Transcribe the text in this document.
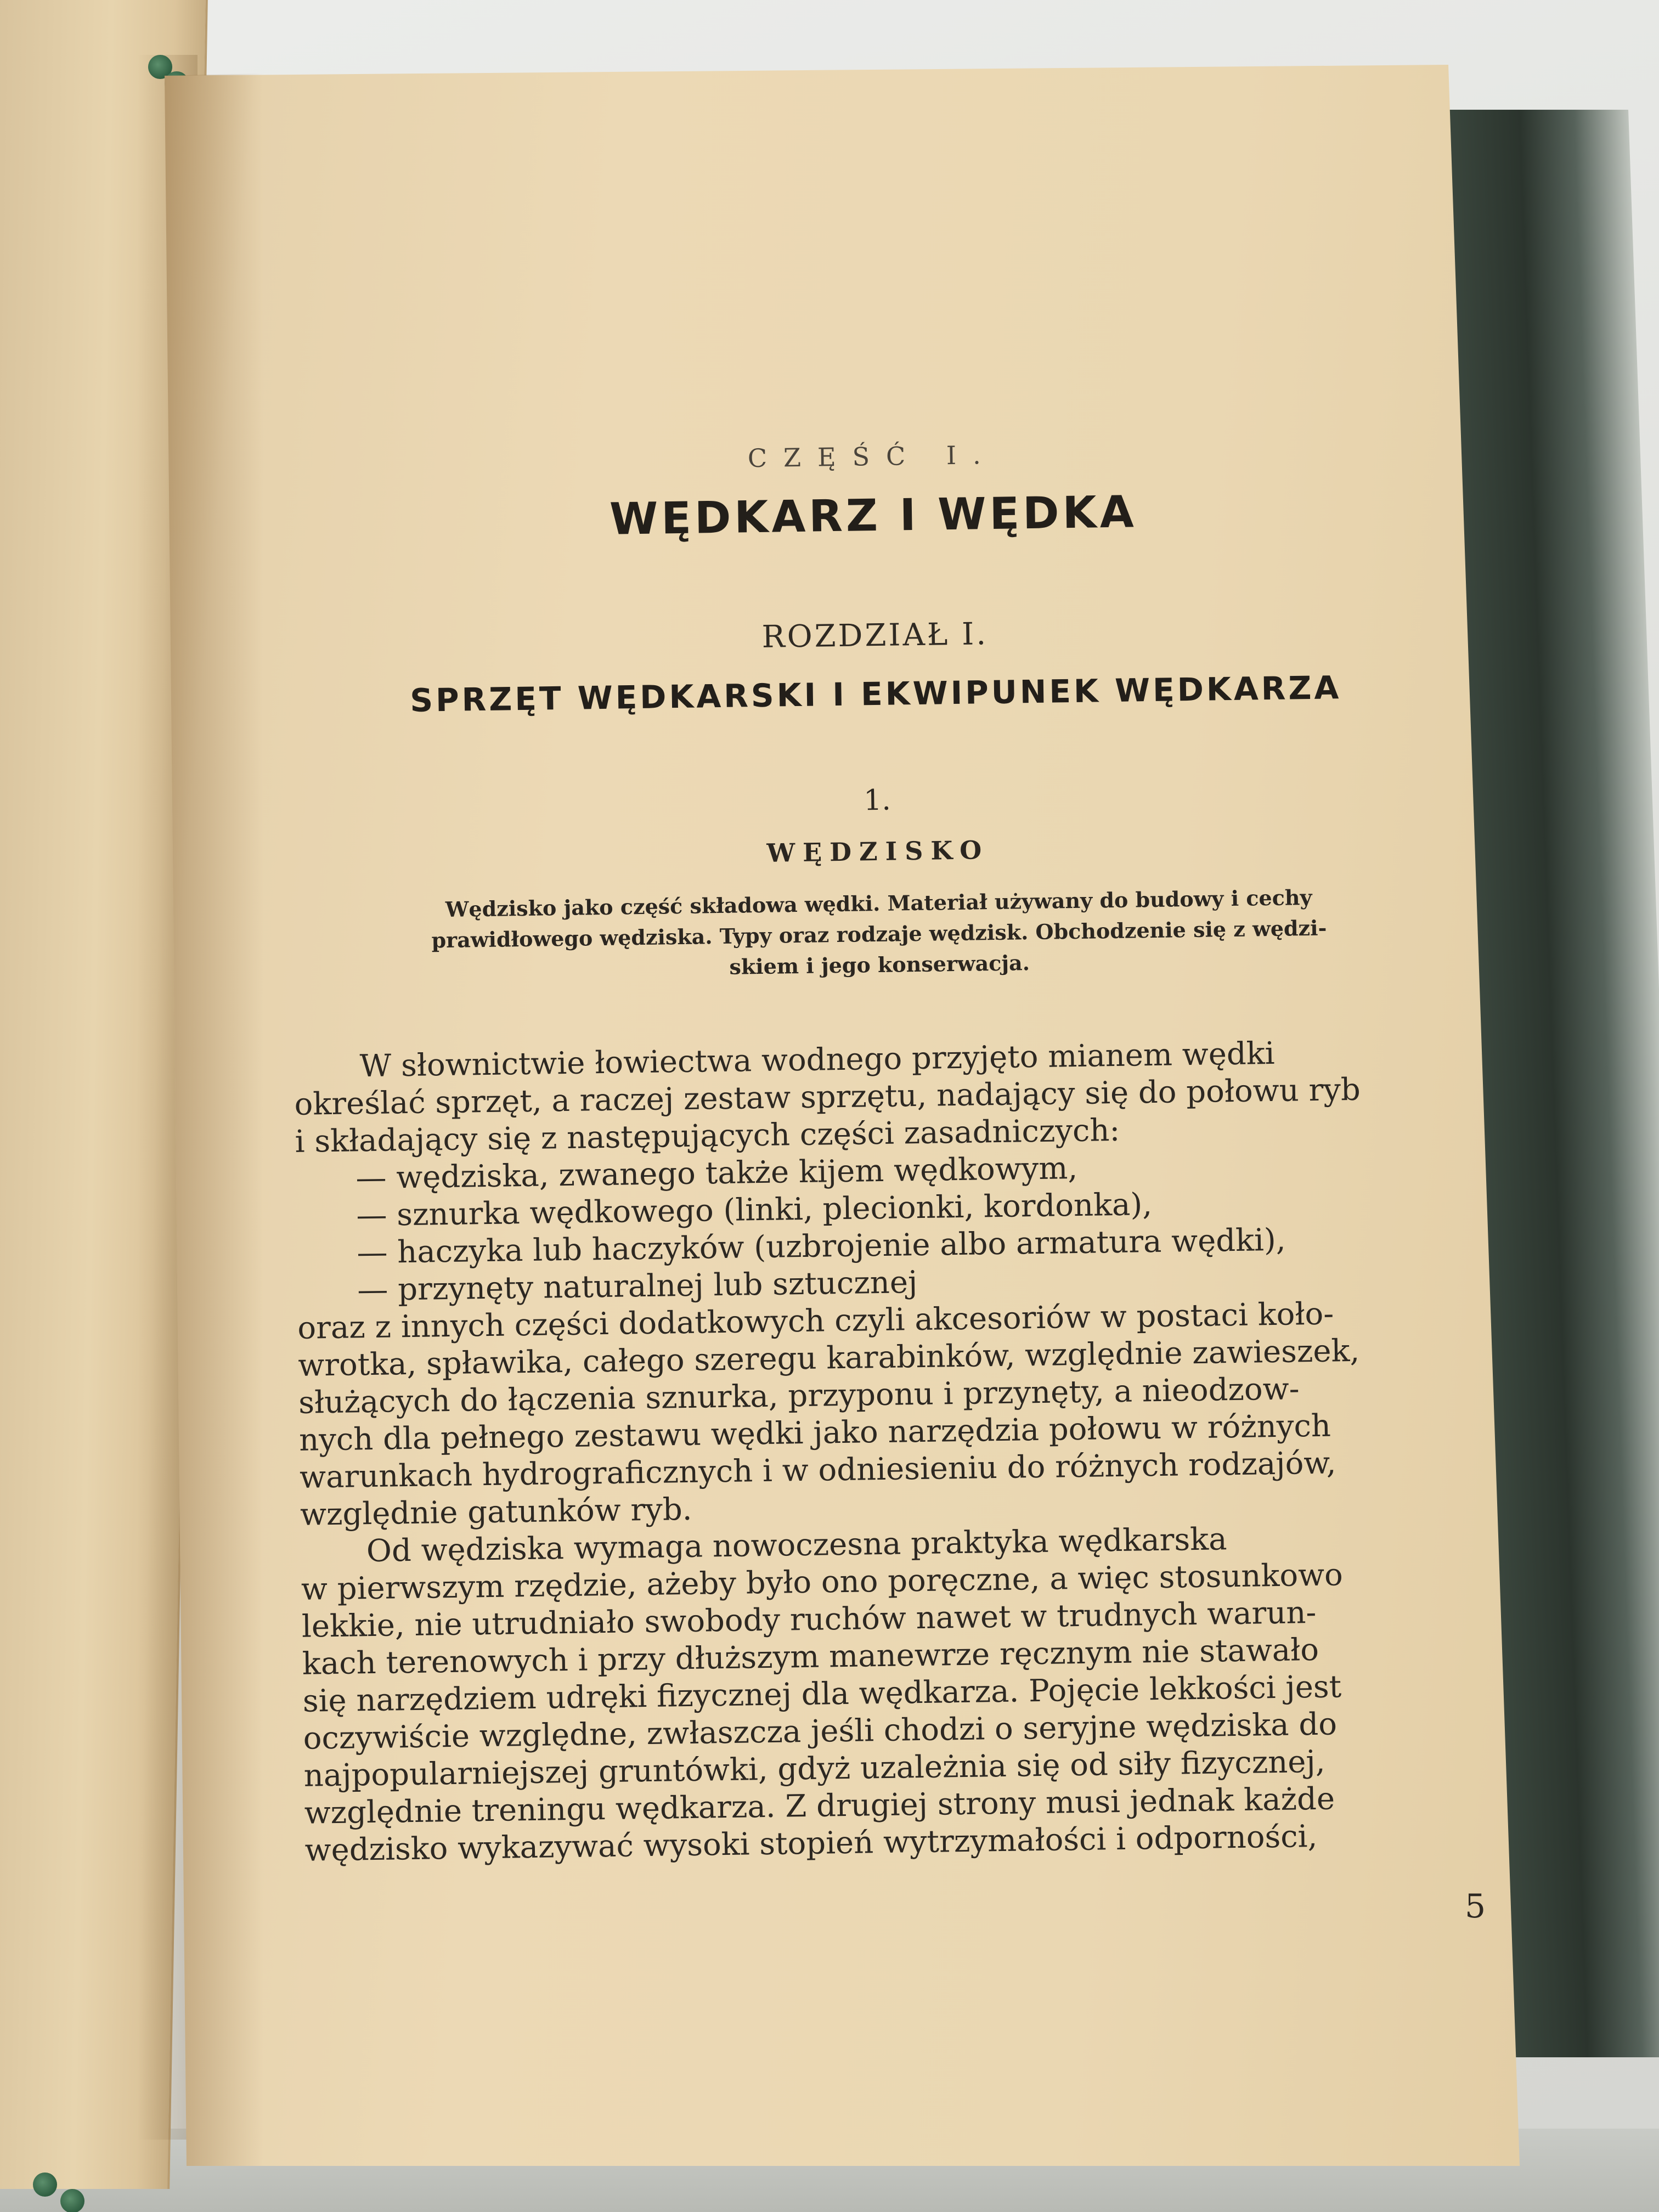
CZĘŚĆ I.
WĘDKARZ I WĘDKA
ROZDZIAŁ I.
SPRZĘT WĘDKARSKI I EKWIPUNEK WĘDKARZA
1.
WĘDZISKO
Wędzisko jako część składowa wędki. Materiał używany do budowy i cechy
prawidłowego wędziska. Typy oraz rodzaje wędzisk. Obchodzenie się z wędzi-
skiem i jego konserwacja.
W słownictwie łowiectwa wodnego przyjęto mianem wędki
określać sprzęt, a raczej zestaw sprzętu, nadający się do połowu ryb
i składający się z następujących części zasadniczych:
— wędziska, zwanego także kijem wędkowym,
— sznurka wędkowego (linki, plecionki, kordonka),
— haczyka lub haczyków (uzbrojenie albo armatura wędki),
— przynęty naturalnej lub sztucznej
oraz z innych części dodatkowych czyli akcesoriów w postaci koło-
wrotka, spławika, całego szeregu karabinków, względnie zawieszek,
służących do łączenia sznurka, przyponu i przynęty, a nieodzow-
nych dla pełnego zestawu wędki jako narzędzia połowu w różnych
warunkach hydrograficznych i w odniesieniu do różnych rodzajów,
względnie gatunków ryb.
Od wędziska wymaga nowoczesna praktyka wędkarska
w pierwszym rzędzie, ażeby było ono poręczne, a więc stosunkowo
lekkie, nie utrudniało swobody ruchów nawet w trudnych warun-
kach terenowych i przy dłuższym manewrze ręcznym nie stawało
się narzędziem udręki fizycznej dla wędkarza. Pojęcie lekkości jest
oczywiście względne, zwłaszcza jeśli chodzi o seryjne wędziska do
najpopularniejszej gruntówki, gdyż uzależnia się od siły fizycznej,
względnie treningu wędkarza. Z drugiej strony musi jednak każde
wędzisko wykazywać wysoki stopień wytrzymałości i odporności,
5
